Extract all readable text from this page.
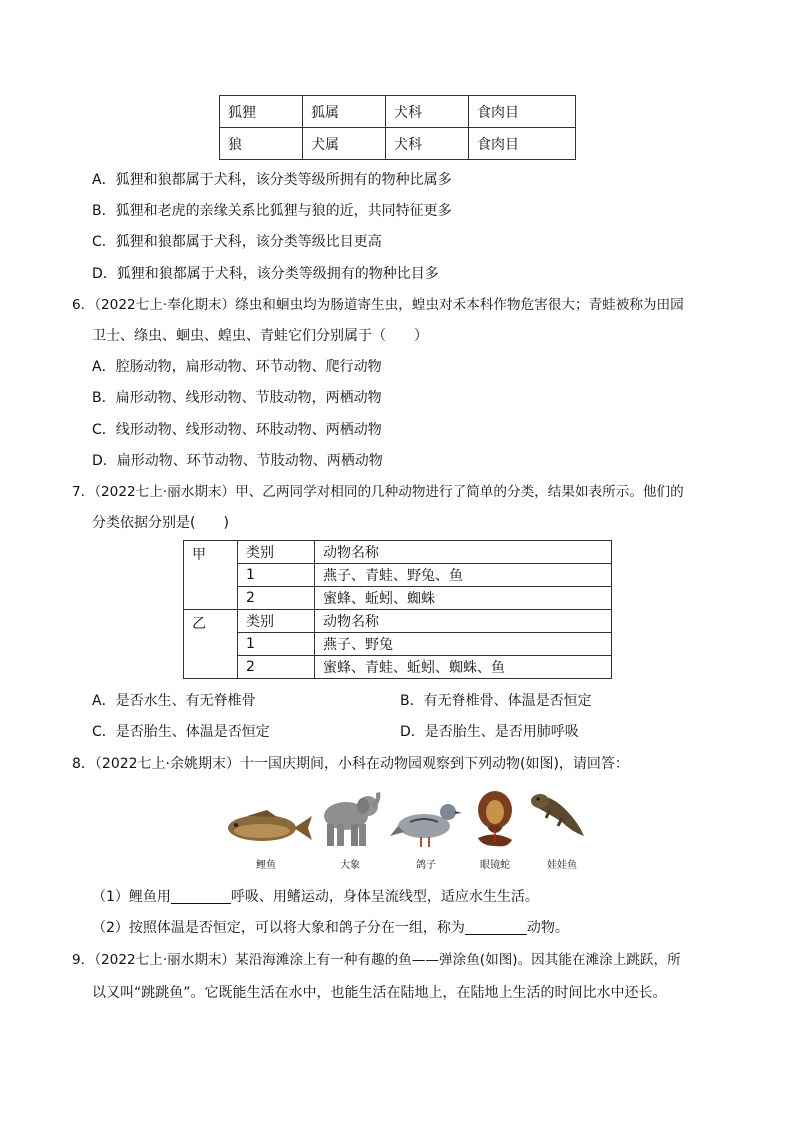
狐狸	狐属	犬科	食肉目
狼	犬属	犬科	食肉目
A．狐狸和狼都属于犬科，该分类等级所拥有的物种比属多
B．狐狸和老虎的亲缘关系比狐狸与狼的近，共同特征更多
C．狐狸和狼都属于犬科，该分类等级比目更高
D．狐狸和狼都属于犬科，该分类等级拥有的物种比目多
6．（2022七上·奉化期末）绦虫和蛔虫均为肠道寄生虫，蝗虫对禾本科作物危害很大；青蛙被称为田园
卫士、绦虫、蛔虫、蝗虫、青蛙它们分别属于（　　）
A．腔肠动物，扁形动物、环节动物、爬行动物
B．扁形动物、线形动物、节肢动物，两栖动物
C．线形动物、线形动物、环肢动物、两栖动物
D．扁形动物、环节动物、节肢动物、两栖动物
7．（2022七上·丽水期末）甲、乙两同学对相同的几种动物进行了简单的分类，结果如表所示。他们的
分类依据分别是(　　)
甲	类别	动物名称
	1	燕子、青蛙、野兔、鱼
	2	蜜蜂、蚯蚓、蜘蛛
乙	类别	动物名称
	1	燕子、野兔
	2	蜜蜂、青蛙、蚯蚓、蜘蛛、鱼
A．是否水生、有无脊椎骨	B．有无脊椎骨、体温是否恒定
C．是否胎生、体温是否恒定	D．是否胎生、是否用肺呼吸
8．（2022七上·余姚期末）十一国庆期间，小科在动物园观察到下列动物(如图)，请回答：
鲤鱼	大象	鸽子	眼镜蛇	娃娃鱼
（1）鲤鱼用	呼吸、用鳍运动，身体呈流线型，适应水生生活。
（2）按照体温是否恒定，可以将大象和鸽子分在一组，称为	动物。
9．（2022七上·丽水期末）某沿海滩涂上有一种有趣的鱼——弹涂鱼(如图)。因其能在滩涂上跳跃，所
以又叫“跳跳鱼”。它既能生活在水中，也能生活在陆地上，在陆地上生活的时间比水中还长。
